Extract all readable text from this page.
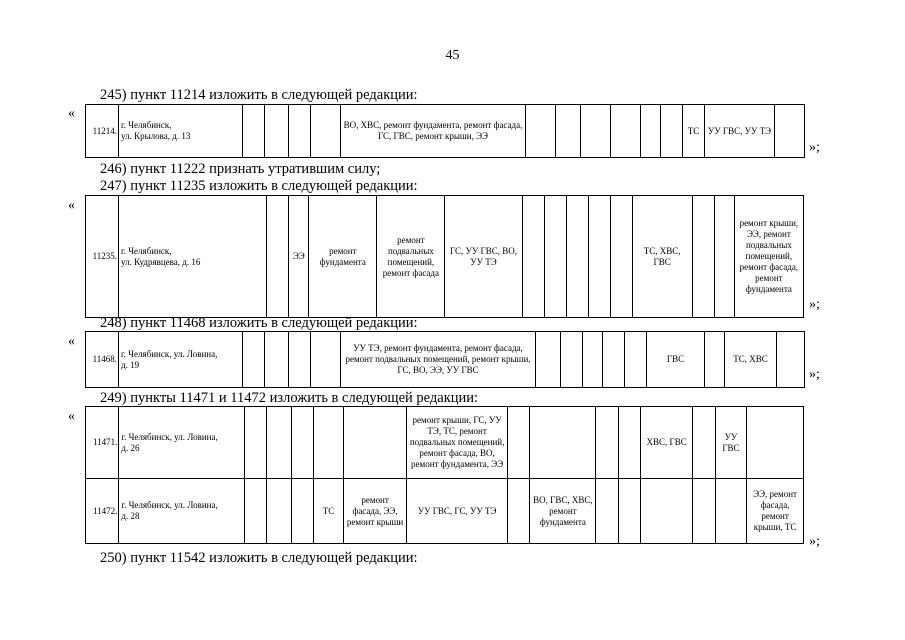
45
245) пункт 11214 изложить в следующей редакции:
«
11214.	г. Челябинск,
ул. Крылова, д. 13					ВО, ХВС, ремонт фундамента, ремонт фасада, ГС, ГВС, ремонт крыши, ЭЭ							ТС	УУ ГВС, УУ ТЭ	
»;
246) пункт 11222 признать утратившим силу;
247) пункт 11235 изложить в следующей редакции:
«
11235.	г. Челябинск,
ул. Кудрявцева, д. 16		ЭЭ	ремонт фундамента	ремонт подвальных помещений, ремонт фасада	ГС, УУ ГВС, ВО, УУ ТЭ						ТС, ХВС, ГВС			ремонт крыши, ЭЭ, ремонт подвальных помещений, ремонт фасада, ремонт фундамента
»;
248) пункт 11468 изложить в следующей редакции:
«
11468.	г. Челябинск, ул. Ловина,
д. 19					УУ ТЭ, ремонт фундамента, ремонт фасада, ремонт подвальных помещений, ремонт крыши, ГС, ВО, ЭЭ, УУ ГВС						ГВС		ТС, ХВС	
»;
249) пункты 11471 и 11472 изложить в следующей редакции:
«
11471.	г. Челябинск, ул. Ловина,
д. 26						ремонт крыши, ГС, УУ ТЭ, ТС, ремонт подвальных помещений, ремонт фасада, ВО, ремонт фундамента, ЭЭ					ХВС, ГВС		УУ ГВС	
11472.	г. Челябинск, ул. Ловина,
д. 28				ТС	ремонт фасада, ЭЭ, ремонт крыши	УУ ГВС, ГС, УУ ТЭ		ВО, ГВС, ХВС, ремонт фундамента						ЭЭ, ремонт фасада, ремонт крыши, ТС
»;
250) пункт 11542 изложить в следующей редакции:
